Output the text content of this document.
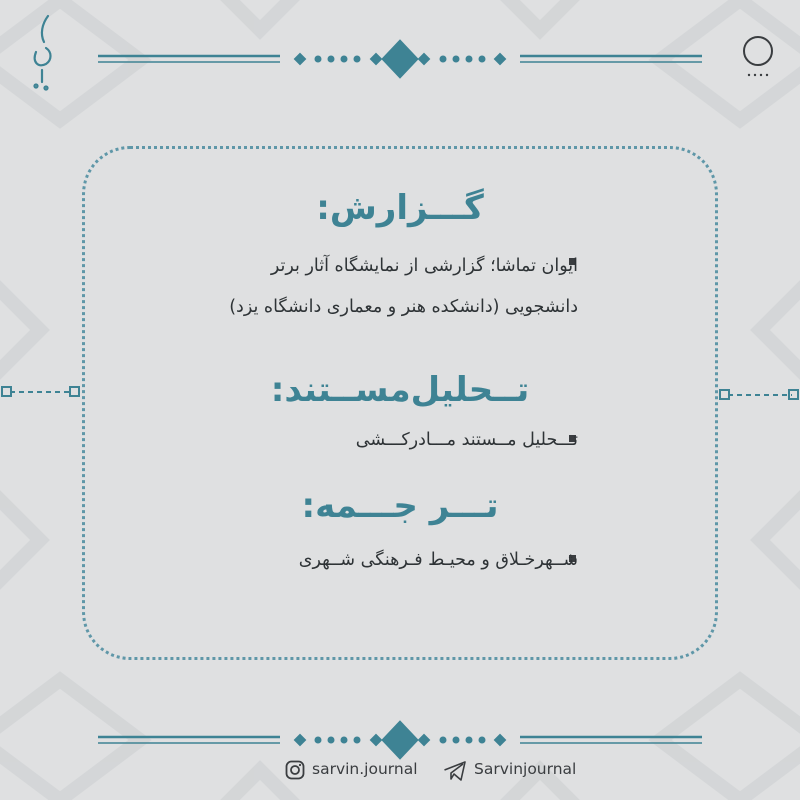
گـــزارش:
ایوان تماشا؛ گزارشی از نمایشگاه آثار برتر دانشجویی (دانشکده هنر و معماری دانشگاه یزد)
تــحلیل‌مســتند:
تـــحلیل مــستند مـــادرکـــشی
تـــر جـــمه:
شــهرخـلاق و محیـط فـرهنگی شــهری
sarvin.journal	Sarvinjournal
